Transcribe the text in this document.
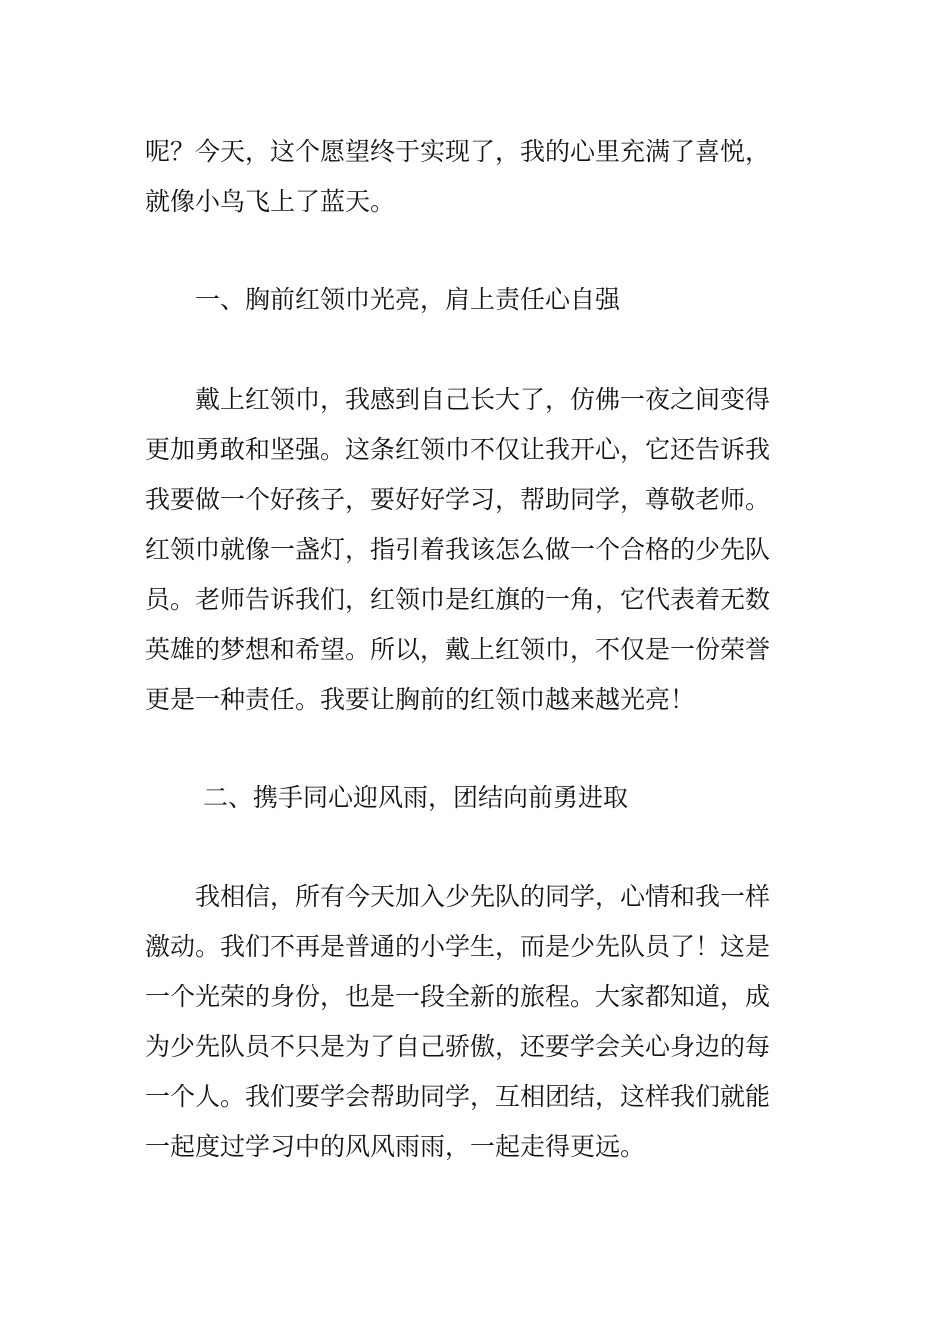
呢？今天，这个愿望终于实现了，我的心里充满了喜悦，
就像小鸟飞上了蓝天。
一、胸前红领巾光亮，肩上责任心自强
戴上红领巾，我感到自己长大了，仿佛一夜之间变得
更加勇敢和坚强。这条红领巾不仅让我开心，它还告诉我
我要做一个好孩子，要好好学习，帮助同学，尊敬老师。
红领巾就像一盏灯，指引着我该怎么做一个合格的少先队
员。老师告诉我们，红领巾是红旗的一角，它代表着无数
英雄的梦想和希望。所以，戴上红领巾，不仅是一份荣誉
更是一种责任。我要让胸前的红领巾越来越光亮！
二、携手同心迎风雨，团结向前勇进取
我相信，所有今天加入少先队的同学，心情和我一样
激动。我们不再是普通的小学生，而是少先队员了！这是
一个光荣的身份，也是一段全新的旅程。大家都知道，成
为少先队员不只是为了自己骄傲，还要学会关心身边的每
一个人。我们要学会帮助同学，互相团结，这样我们就能
一起度过学习中的风风雨雨，一起走得更远。
